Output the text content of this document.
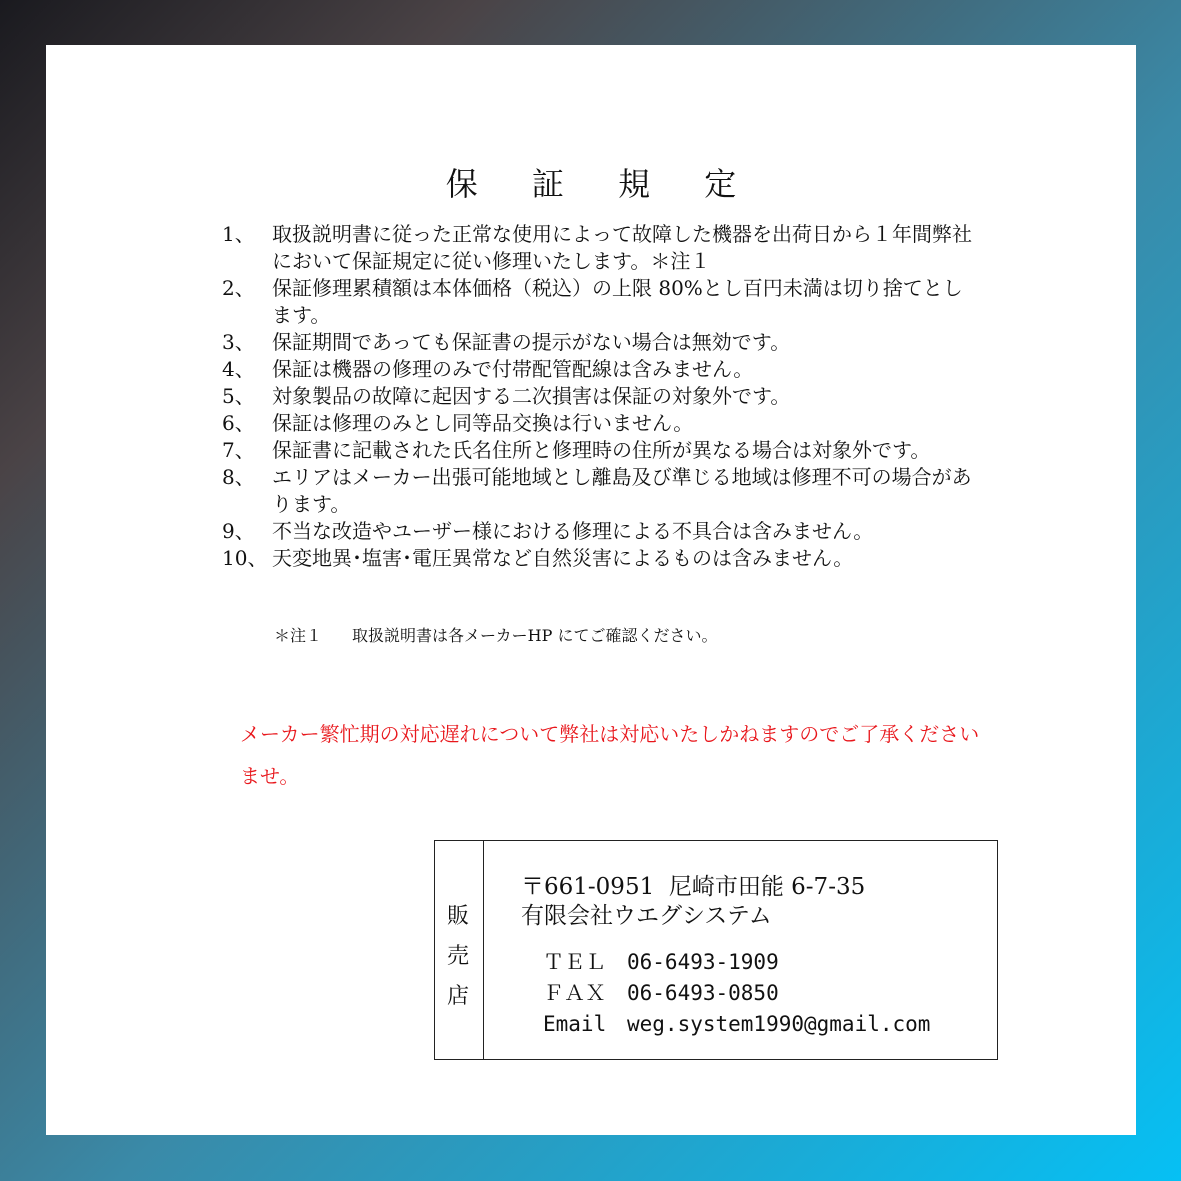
保 証 規 定
1、 取扱説明書に従った正常な使用によって故障した機器を出荷日から１年間弊社において保証規定に従い修理いたします。＊注１
2、 保証修理累積額は本体価格（税込）の上限 80%とし百円未満は切り捨てとします。
3、 保証期間であっても保証書の提示がない場合は無効です。
4、 保証は機器の修理のみで付帯配管配線は含みません。
5、 対象製品の故障に起因する二次損害は保証の対象外です。
6、 保証は修理のみとし同等品交換は行いません。
7、 保証書に記載された氏名住所と修理時の住所が異なる場合は対象外です。
8、 エリアはメーカー出張可能地域とし離島及び準じる地域は修理不可の場合があります。
9、 不当な改造やユーザー様における修理による不具合は含みません。
10、 天変地異･塩害･電圧異常など自然災害によるものは含みません。
＊注１ 取扱説明書は各メーカーHP にてご確認ください。
メーカー繁忙期の対応遅れについて弊社は対応いたしかねますのでご了承くださいませ。
販
売
店
〒661-0951 尼崎市田能 6-7-35
有限会社ウエグシステム
ＴＥＬ 06-6493-1909
ＦＡＸ 06-6493-0850
Email weg.system1990@gmail.com
